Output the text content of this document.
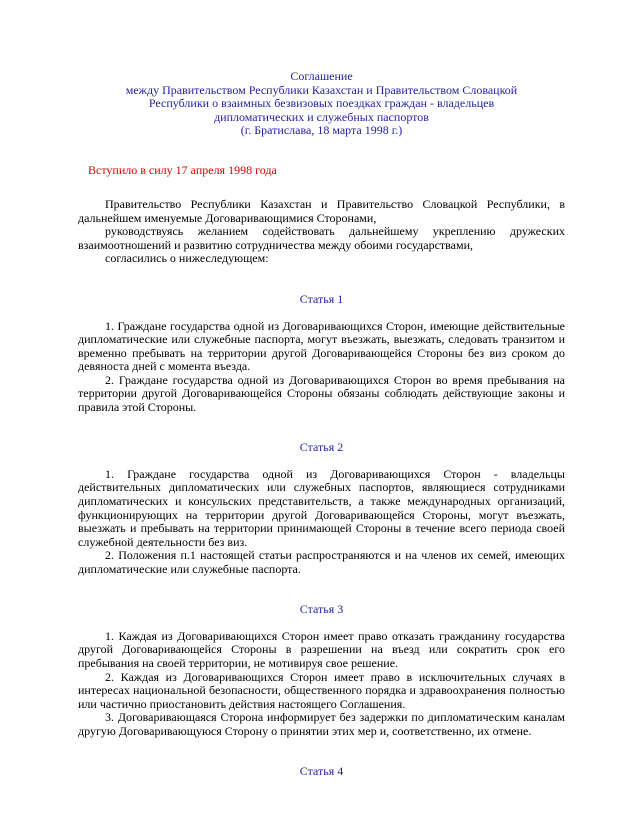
Соглашение
между Правительством Республики Казахстан и Правительством Словацкой
Республики о взаимных безвизовых поездках граждан - владельцев
дипломатических и служебных паспортов
(г. Братислава, 18 марта 1998 г.)
Вступило в силу 17 апреля 1998 года

Правительство Республики Казахстан и Правительство Словацкой Республики, в дальнейшем именуемые Договаривающимися Сторонами,

руководствуясь желанием содействовать дальнейшему укреплению дружеских взаимоотношений и развитию сотрудничества между обоими государствами,

согласились о нижеследующем:

Статья 1

1. Граждане государства одной из Договаривающихся Сторон, имеющие действительные дипломатические или служебные паспорта, могут въезжать, выезжать, следовать транзитом и временно пребывать на территории другой Договаривающейся Стороны без виз сроком до девяноста дней с момента въезда.

2. Граждане государства одной из Договаривающихся Сторон во время пребывания на территории другой Договаривающейся Стороны обязаны соблюдать действующие законы и правила этой Стороны.

Статья 2

1. Граждане государства одной из Договаривающихся Сторон - владельцы действительных дипломатических или служебных паспортов, являющиеся сотрудниками дипломатических и консульских представительств, а также международных организаций, функционирующих на территории другой Договаривающейся Стороны, могут въезжать, выезжать и пребывать на территории принимающей Стороны в течение всего периода своей служебной деятельности без виз.

2. Положения п.1 настоящей статьи распространяются и на членов их семей, имеющих дипломатические или служебные паспорта.

Статья 3

1. Каждая из Договаривающихся Сторон имеет право отказать гражданину государства другой Договаривающейся Стороны в разрешении на въезд или сократить срок его пребывания на своей территории, не мотивируя свое решение.

2. Каждая из Договаривающихся Сторон имеет право в исключительных случаях в интересах национальной безопасности, общественного порядка и здравоохранения полностью или частично приостановить действия настоящего Соглашения.

3. Договаривающаяся Сторона информирует без задержки по дипломатическим каналам другую Договаривающуюся Сторону о принятии этих мер и, соответственно, их отмене.

Статья 4
